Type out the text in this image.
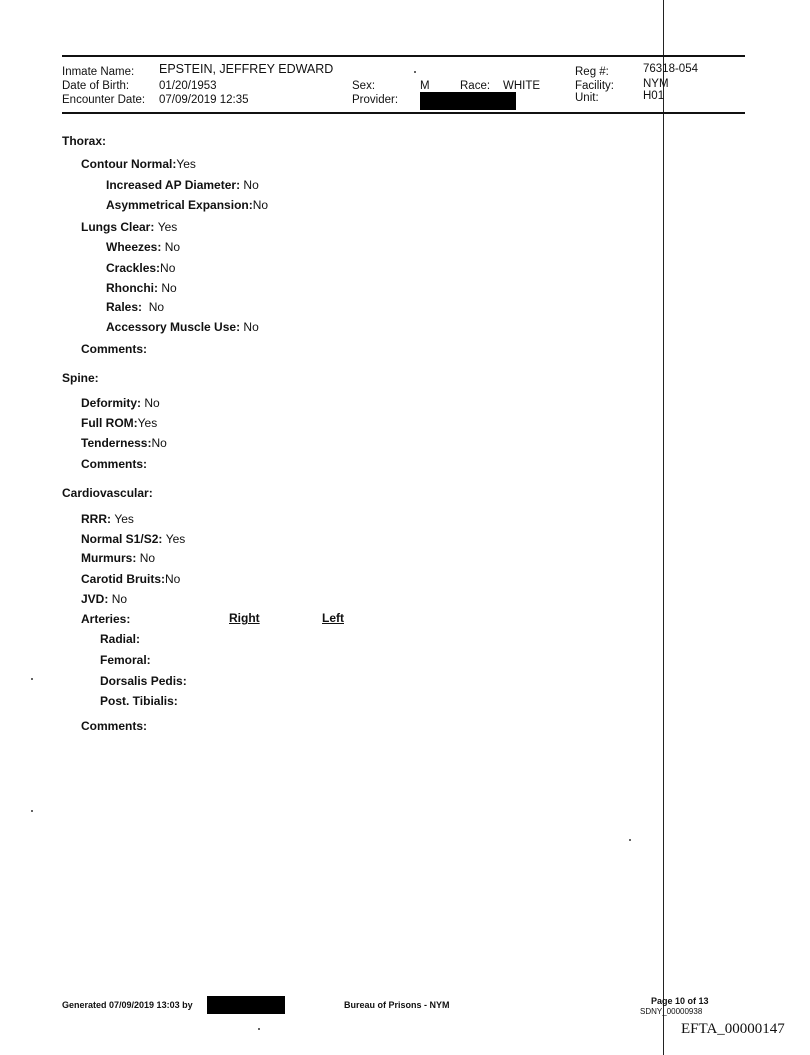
Inmate Name: EPSTEIN, JEFFREY EDWARD
Date of Birth:	01/20/1953
Encounter Date: 07/09/2019 12:35
Sex:	M	Race: WHITE
Provider:
Reg #:	76318-054
Facility:	NYM
Unit:	H01
Thorax:
Contour Normal:Yes
Increased AP Diameter: No
Asymmetrical Expansion:No
Lungs Clear: Yes
Wheezes: No
Crackles:No
Rhonchi: No
Rales: No
Accessory Muscle Use: No
Comments:
Spine:
Deformity: No
Full ROM:Yes
Tenderness:No
Comments:
Cardiovascular:
RRR: Yes
Normal S1/S2: Yes
Murmurs: No
Carotid Bruits:No
JVD: No
Arteries:	Right	Left
Radial:
Femoral:
Dorsalis Pedis:
Post. Tibialis:
Comments:
Generated 07/09/2019 13:03 by	Bureau of Prisons - NYM	Page 10 of 13
SDNY_00000938
EFTA_00000147
